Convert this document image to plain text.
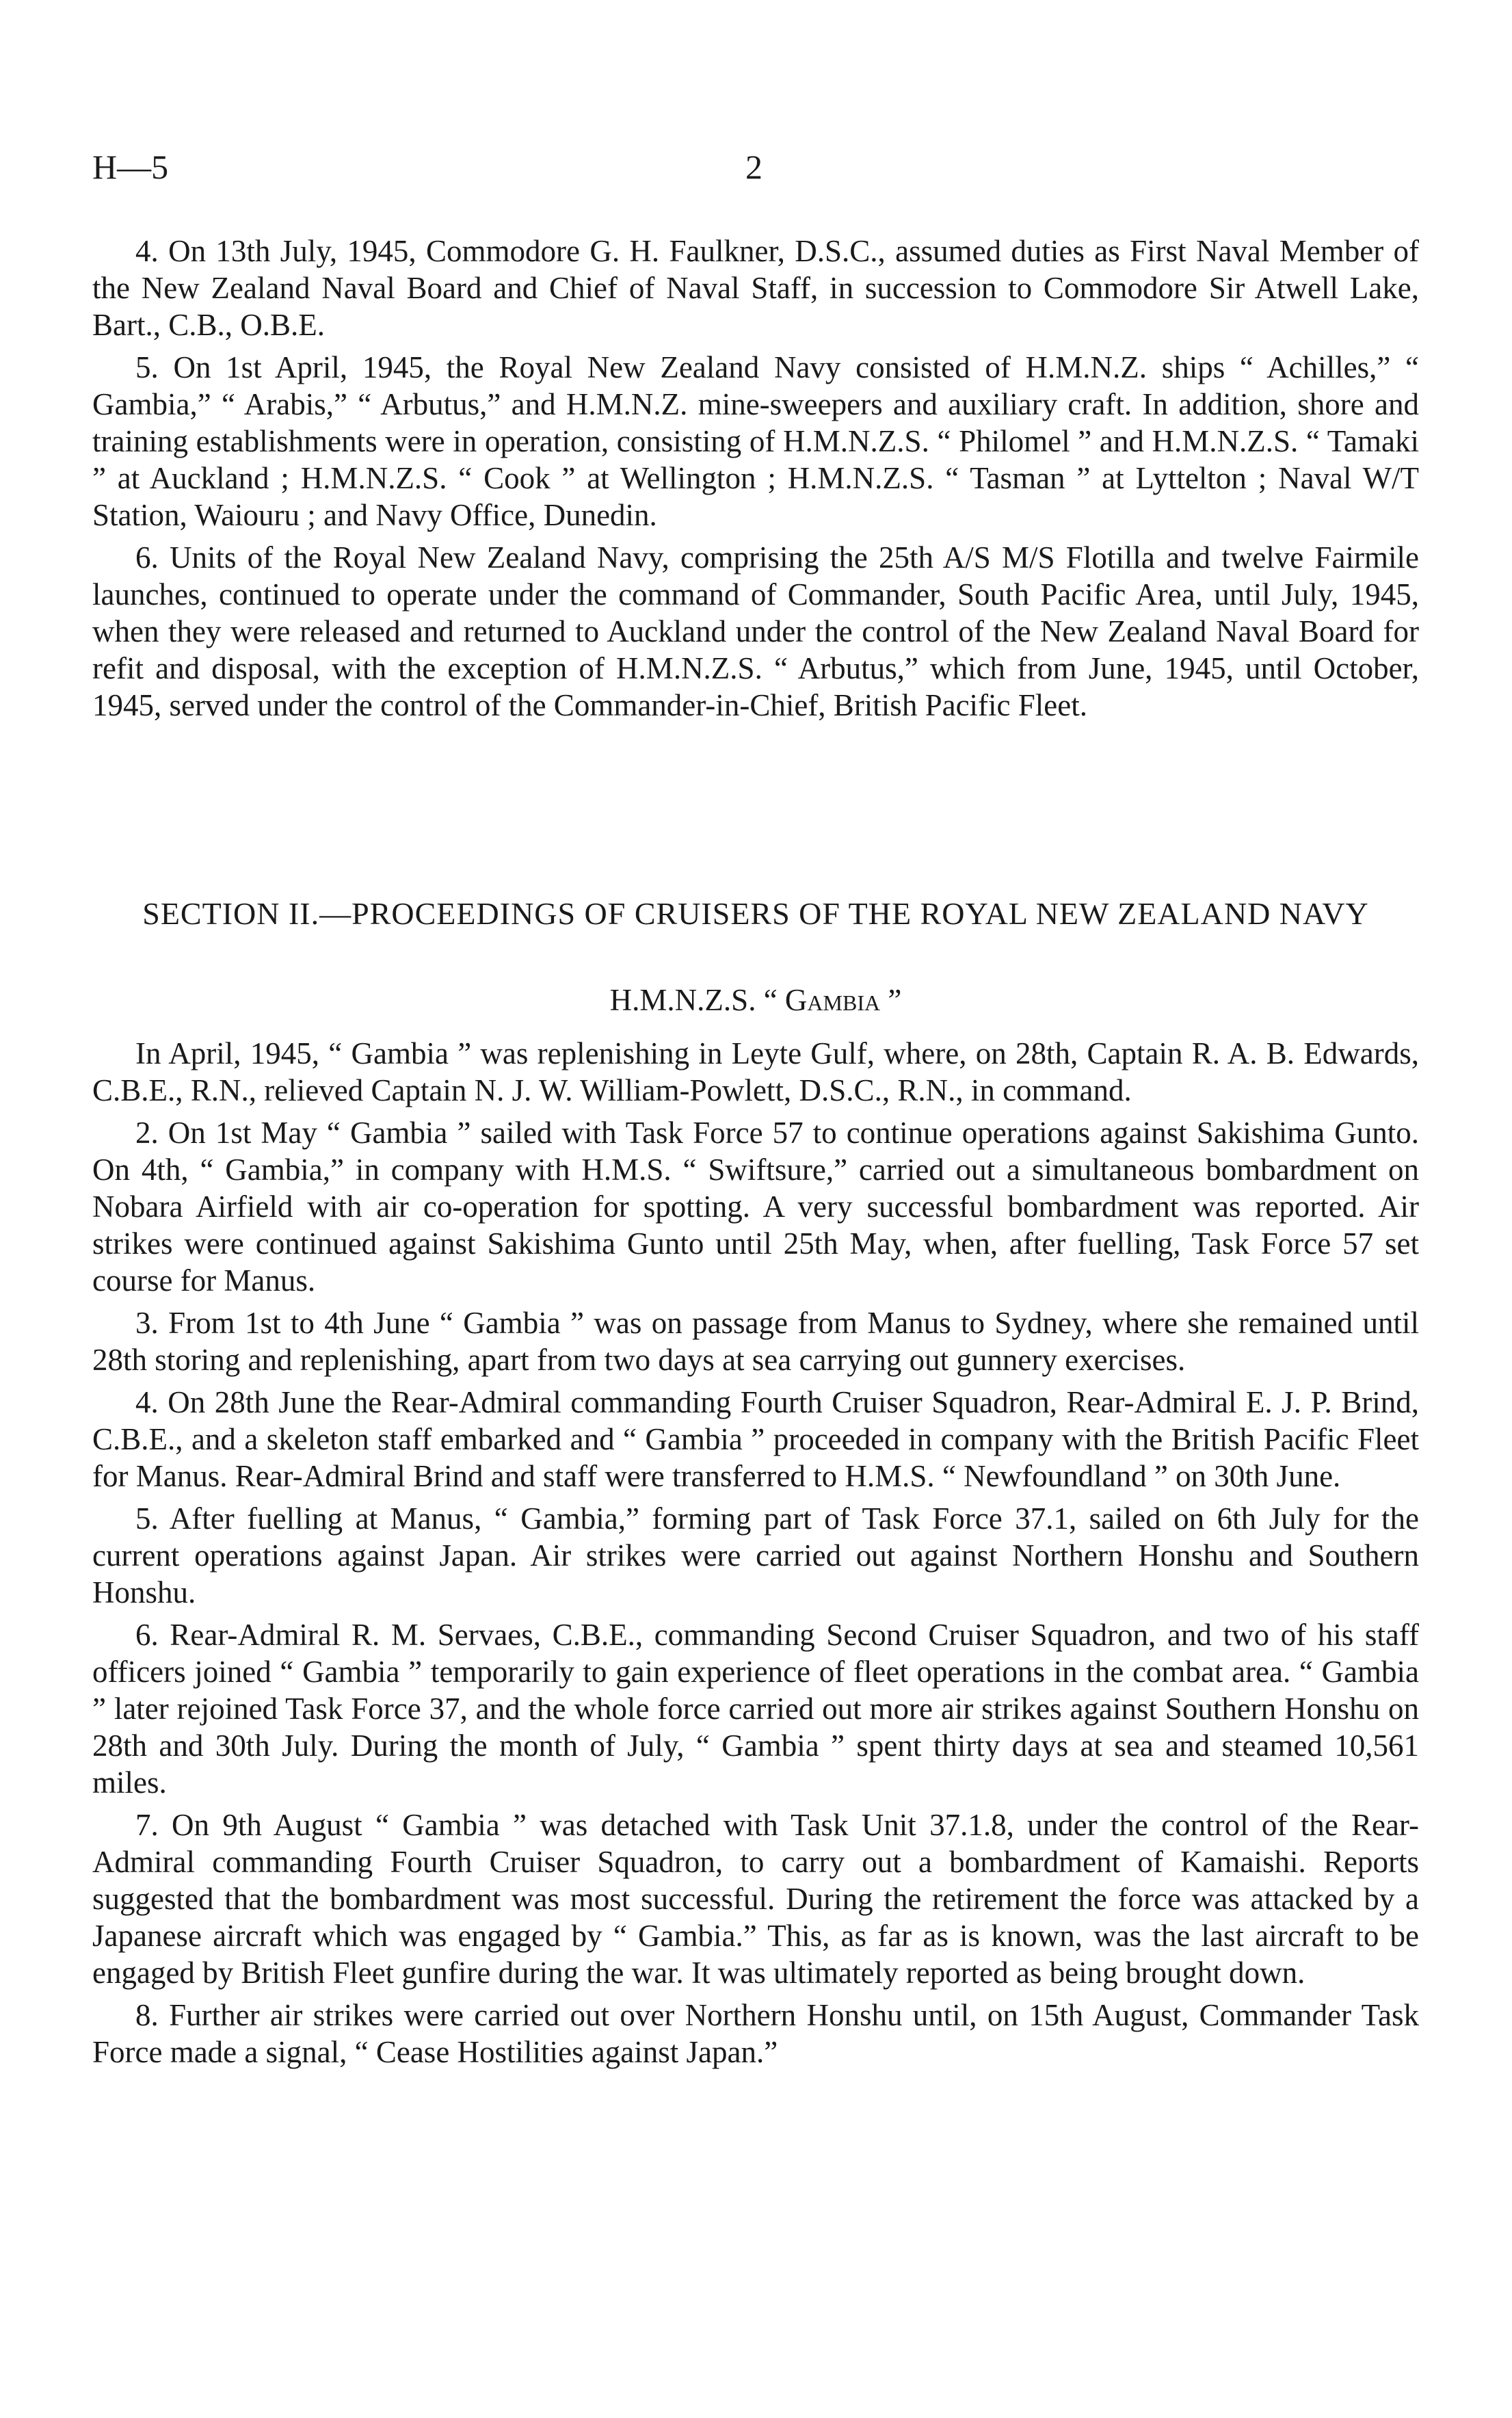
H—5	2

4. On 13th July, 1945, Commodore G. H. Faulkner, D.S.C., assumed duties as First Naval Member of the New Zealand Naval Board and Chief of Naval Staff, in succession to Commodore Sir Atwell Lake, Bart., C.B., O.B.E.

5. On 1st April, 1945, the Royal New Zealand Navy consisted of H.M.N.Z. ships “ Achilles,” “ Gambia,” “ Arabis,” “ Arbutus,” and H.M.N.Z. mine-sweepers and auxiliary craft. In addition, shore and training establishments were in operation, consisting of H.M.N.Z.S. “ Philomel ” and H.M.N.Z.S. “ Tamaki ” at Auckland ; H.M.N.Z.S. “ Cook ” at Wellington ; H.M.N.Z.S. “ Tasman ” at Lyttelton ; Naval W/T Station, Waiouru ; and Navy Office, Dunedin.

6. Units of the Royal New Zealand Navy, comprising the 25th A/S M/S Flotilla and twelve Fairmile launches, continued to operate under the command of Commander, South Pacific Area, until July, 1945, when they were released and returned to Auckland under the control of the New Zealand Naval Board for refit and disposal, with the exception of H.M.N.Z.S. “ Arbutus,” which from June, 1945, until October, 1945, served under the control of the Commander-in-Chief, British Pacific Fleet.

SECTION II.—PROCEEDINGS OF CRUISERS OF THE ROYAL NEW ZEALAND NAVY
H.M.N.Z.S. “ Gambia ”

In April, 1945, “ Gambia ” was replenishing in Leyte Gulf, where, on 28th, Captain R. A. B. Edwards, C.B.E., R.N., relieved Captain N. J. W. William-Powlett, D.S.C., R.N., in command.

2. On 1st May “ Gambia ” sailed with Task Force 57 to continue operations against Sakishima Gunto. On 4th, “ Gambia,” in company with H.M.S. “ Swiftsure,” carried out a simultaneous bombardment on Nobara Airfield with air co-operation for spotting. A very successful bombardment was reported. Air strikes were continued against Sakishima Gunto until 25th May, when, after fuelling, Task Force 57 set course for Manus.

3. From 1st to 4th June “ Gambia ” was on passage from Manus to Sydney, where she remained until 28th storing and replenishing, apart from two days at sea carrying out gunnery exercises.

4. On 28th June the Rear-Admiral commanding Fourth Cruiser Squadron, Rear-Admiral E. J. P. Brind, C.B.E., and a skeleton staff embarked and “ Gambia ” proceeded in company with the British Pacific Fleet for Manus. Rear-Admiral Brind and staff were transferred to H.M.S. “ Newfoundland ” on 30th June.

5. After fuelling at Manus, “ Gambia,” forming part of Task Force 37.1, sailed on 6th July for the current operations against Japan. Air strikes were carried out against Northern Honshu and Southern Honshu.

6. Rear-Admiral R. M. Servaes, C.B.E., commanding Second Cruiser Squadron, and two of his staff officers joined “ Gambia ” temporarily to gain experience of fleet operations in the combat area. “ Gambia ” later rejoined Task Force 37, and the whole force carried out more air strikes against Southern Honshu on 28th and 30th July. During the month of July, “ Gambia ” spent thirty days at sea and steamed 10,561 miles.

7. On 9th August “ Gambia ” was detached with Task Unit 37.1.8, under the control of the Rear-Admiral commanding Fourth Cruiser Squadron, to carry out a bombardment of Kamaishi. Reports suggested that the bombardment was most successful. During the retirement the force was attacked by a Japanese aircraft which was engaged by “ Gambia.” This, as far as is known, was the last aircraft to be engaged by British Fleet gunfire during the war. It was ultimately reported as being brought down.

8. Further air strikes were carried out over Northern Honshu until, on 15th August, Commander Task Force made a signal, “ Cease Hostilities against Japan.”
